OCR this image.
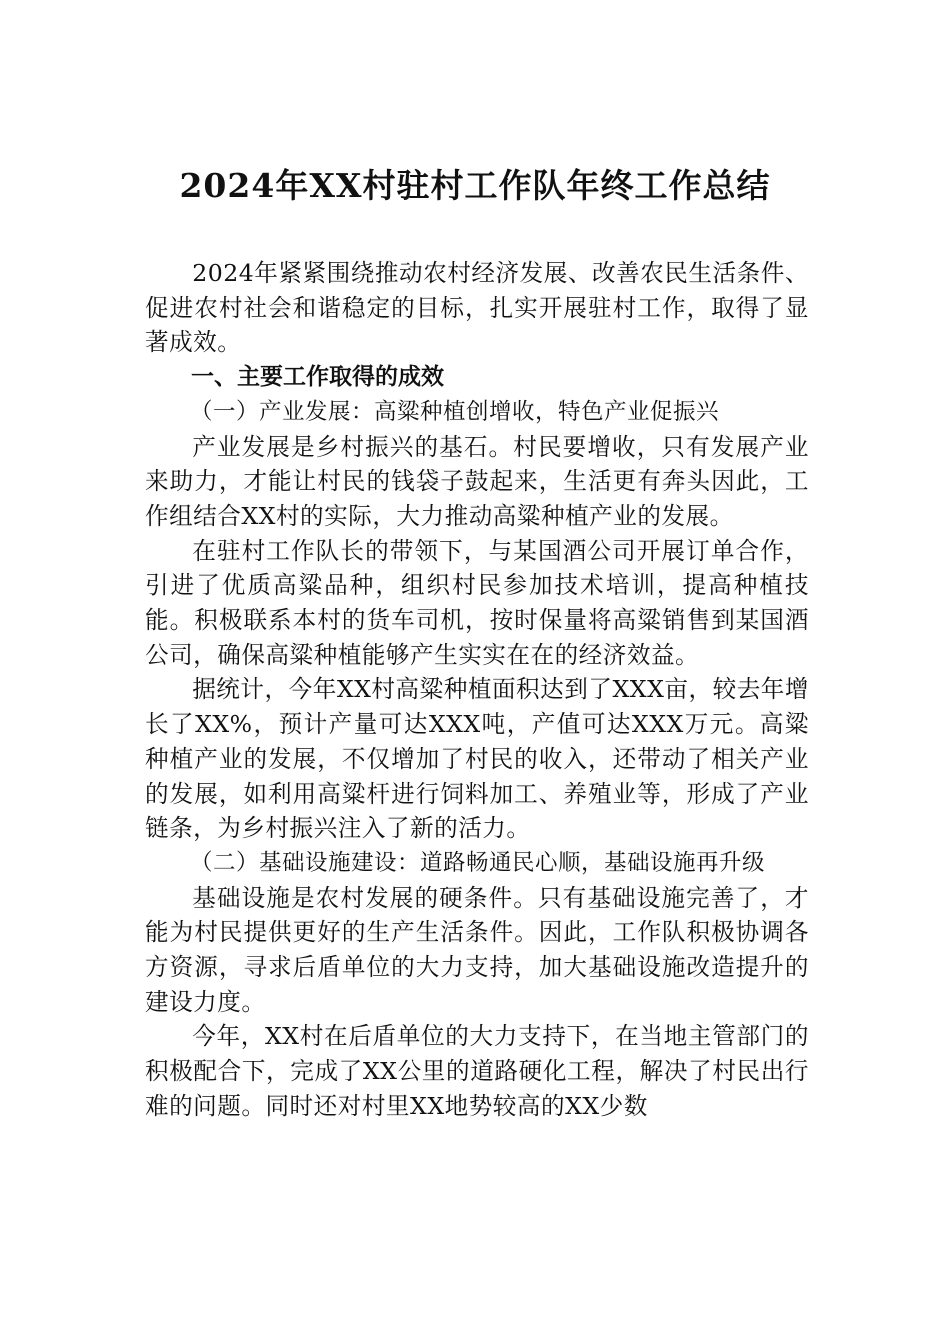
2024年XX村驻村工作队年终工作总结

2024年紧紧围绕推动农村经济发展、改善农民生活条件、促进农村社会和谐稳定的目标，扎实开展驻村工作，取得了显著成效。

一、主要工作取得的成效

（一）产业发展：高粱种植创增收，特色产业促振兴

产业发展是乡村振兴的基石。村民要增收，只有发展产业来助力，才能让村民的钱袋子鼓起来，生活更有奔头因此，工作组结合XX村的实际，大力推动高粱种植产业的发展。

在驻村工作队长的带领下，与某国酒公司开展订单合作，引进了优质高粱品种，组织村民参加技术培训，提高种植技能。积极联系本村的货车司机，按时保量将高粱销售到某国酒公司，确保高粱种植能够产生实实在在的经济效益。

据统计，今年XX村高粱种植面积达到了XXX亩，较去年增长了XX%，预计产量可达XXX吨，产值可达XXX万元。高粱种植产业的发展，不仅增加了村民的收入，还带动了相关产业的发展，如利用高粱杆进行饲料加工、养殖业等，形成了产业链条，为乡村振兴注入了新的活力。

（二）基础设施建设：道路畅通民心顺，基础设施再升级

基础设施是农村发展的硬条件。只有基础设施完善了，才能为村民提供更好的生产生活条件。因此，工作队积极协调各方资源，寻求后盾单位的大力支持，加大基础设施改造提升的建设力度。

今年，XX村在后盾单位的大力支持下，在当地主管部门的积极配合下，完成了XX公里的道路硬化工程，解决了村民出行难的问题。同时还对村里XX地势较高的XX少数
